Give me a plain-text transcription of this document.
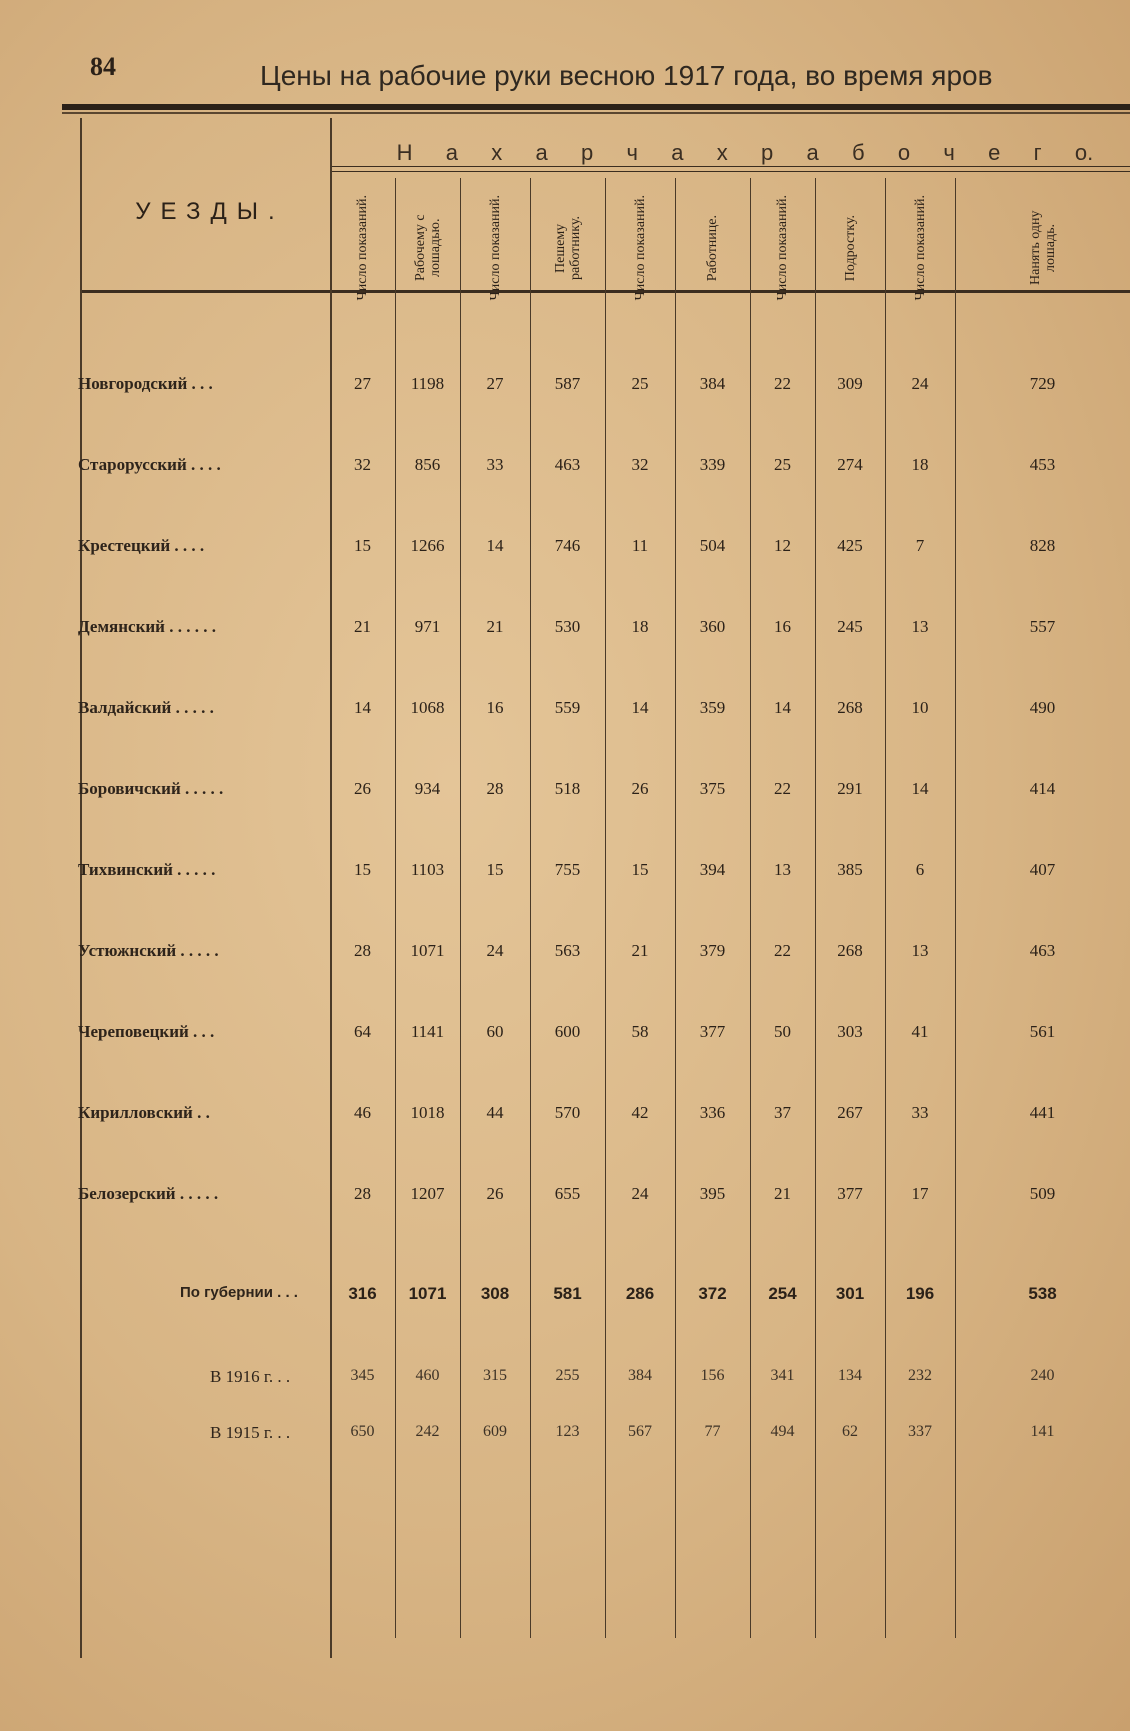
84	Цены на рабочие руки весною 1917 года, во время яров
УЕЗДЫ.
Н а х а р ч а х р а б о ч е г о.
Число показаний.	Рабочему с лошадью.	Число показаний.	Пешему работнику.	Число показаний.	Работнице.	Число показаний.	Подростку.	Число показаний.	Нанять одну лошадь.
Новгородский . . .	27	1198	27	587	25	384	22	309	24	729
Старорусский . . . .	32	856	33	463	32	339	25	274	18	453
Крестецкий . . . .	15	1266	14	746	11	504	12	425	7	828
Демянский . . . . . .	21	971	21	530	18	360	16	245	13	557
Валдайский . . . . .	14	1068	16	559	14	359	14	268	10	490
Боровичский . . . . .	26	934	28	518	26	375	22	291	14	414
Тихвинский . . . . .	15	1103	15	755	15	394	13	385	6	407
Устюжнский . . . . .	28	1071	24	563	21	379	22	268	13	463
Череповецкий . . .	64	1141	60	600	58	377	50	303	41	561
Кирилловский . .	46	1018	44	570	42	336	37	267	33	441
Белозерский . . . . .	28	1207	26	655	24	395	21	377	17	509
По губернии . . .	316	1071	308	581	286	372	254	301	196	538
В 1916 г. . .	345	460	315	255	384	156	341	134	232	240
В 1915 г. . .	650	242	609	123	567	77	494	62	337	141
